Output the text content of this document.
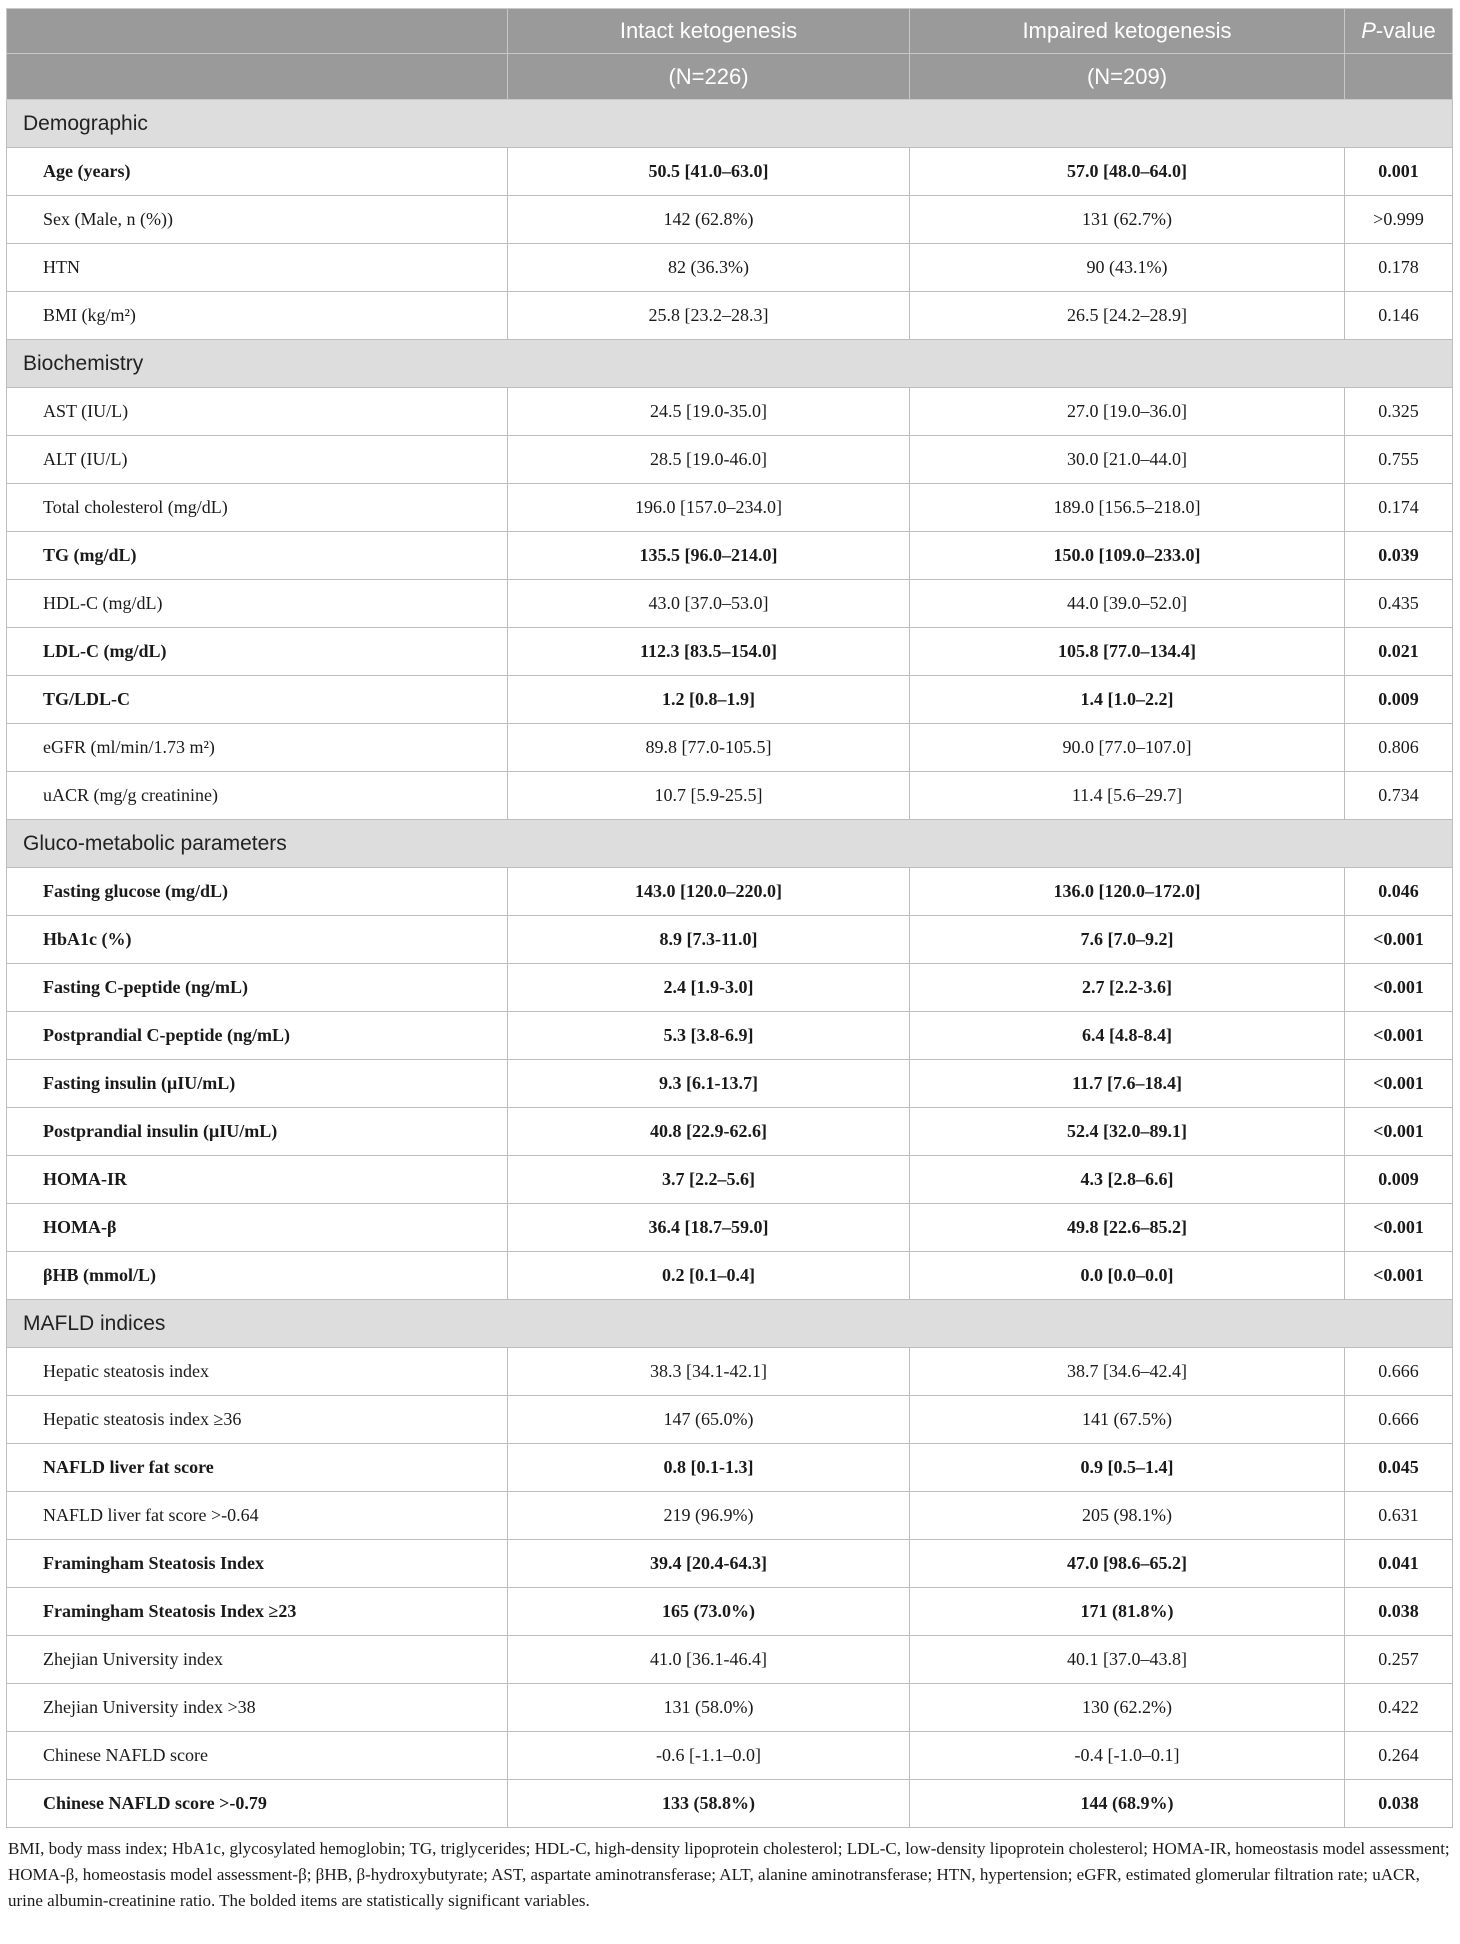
	Intact ketogenesis	Impaired ketogenesis	P-value
	(N=226)	(N=209)	
Demographic			
Age (years)	50.5 [41.0–63.0]	57.0 [48.0–64.0]	0.001
Sex (Male, n (%))	142 (62.8%)	131 (62.7%)	>0.999
HTN	82 (36.3%)	90 (43.1%)	0.178
BMI (kg/m²)	25.8 [23.2–28.3]	26.5 [24.2–28.9]	0.146
Biochemistry			
AST (IU/L)	24.5 [19.0-35.0]	27.0 [19.0–36.0]	0.325
ALT (IU/L)	28.5 [19.0-46.0]	30.0 [21.0–44.0]	0.755
Total cholesterol (mg/dL)	196.0 [157.0–234.0]	189.0 [156.5–218.0]	0.174
TG (mg/dL)	135.5 [96.0–214.0]	150.0 [109.0–233.0]	0.039
HDL-C (mg/dL)	43.0 [37.0–53.0]	44.0 [39.0–52.0]	0.435
LDL-C (mg/dL)	112.3 [83.5–154.0]	105.8 [77.0–134.4]	0.021
TG/LDL-C	1.2 [0.8–1.9]	1.4 [1.0–2.2]	0.009
eGFR (ml/min/1.73 m²)	89.8 [77.0-105.5]	90.0 [77.0–107.0]	0.806
uACR (mg/g creatinine)	10.7 [5.9-25.5]	11.4 [5.6–29.7]	0.734
Gluco-metabolic parameters			
Fasting glucose (mg/dL)	143.0 [120.0–220.0]	136.0 [120.0–172.0]	0.046
HbA1c (%)	8.9 [7.3-11.0]	7.6 [7.0–9.2]	<0.001
Fasting C-peptide (ng/mL)	2.4 [1.9-3.0]	2.7 [2.2-3.6]	<0.001
Postprandial C-peptide (ng/mL)	5.3 [3.8-6.9]	6.4 [4.8-8.4]	<0.001
Fasting insulin (μIU/mL)	9.3 [6.1-13.7]	11.7 [7.6–18.4]	<0.001
Postprandial insulin (μIU/mL)	40.8 [22.9-62.6]	52.4 [32.0–89.1]	<0.001
HOMA-IR	3.7 [2.2–5.6]	4.3 [2.8–6.6]	0.009
HOMA-β	36.4 [18.7–59.0]	49.8 [22.6–85.2]	<0.001
βHB (mmol/L)	0.2 [0.1–0.4]	0.0 [0.0–0.0]	<0.001
MAFLD indices			
Hepatic steatosis index	38.3 [34.1-42.1]	38.7 [34.6–42.4]	0.666
Hepatic steatosis index ≥36	147 (65.0%)	141 (67.5%)	0.666
NAFLD liver fat score	0.8 [0.1-1.3]	0.9 [0.5–1.4]	0.045
NAFLD liver fat score >-0.64	219 (96.9%)	205 (98.1%)	0.631
Framingham Steatosis Index	39.4 [20.4-64.3]	47.0 [98.6–65.2]	0.041
Framingham Steatosis Index ≥23	165 (73.0%)	171 (81.8%)	0.038
Zhejian University index	41.0 [36.1-46.4]	40.1 [37.0–43.8]	0.257
Zhejian University index >38	131 (58.0%)	130 (62.2%)	0.422
Chinese NAFLD score	-0.6 [-1.1–0.0]	-0.4 [-1.0–0.1]	0.264
Chinese NAFLD score >-0.79	133 (58.8%)	144 (68.9%)	0.038
BMI, body mass index; HbA1c, glycosylated hemoglobin; TG, triglycerides; HDL-C, high-density lipoprotein cholesterol; LDL-C, low-density lipoprotein cholesterol; HOMA-IR, homeostasis model assessment; HOMA-β, homeostasis model assessment-β; βHB, β-hydroxybutyrate; AST, aspartate aminotransferase; ALT, alanine aminotransferase; HTN, hypertension; eGFR, estimated glomerular filtration rate; uACR, urine albumin-creatinine ratio. The bolded items are statistically significant variables.
